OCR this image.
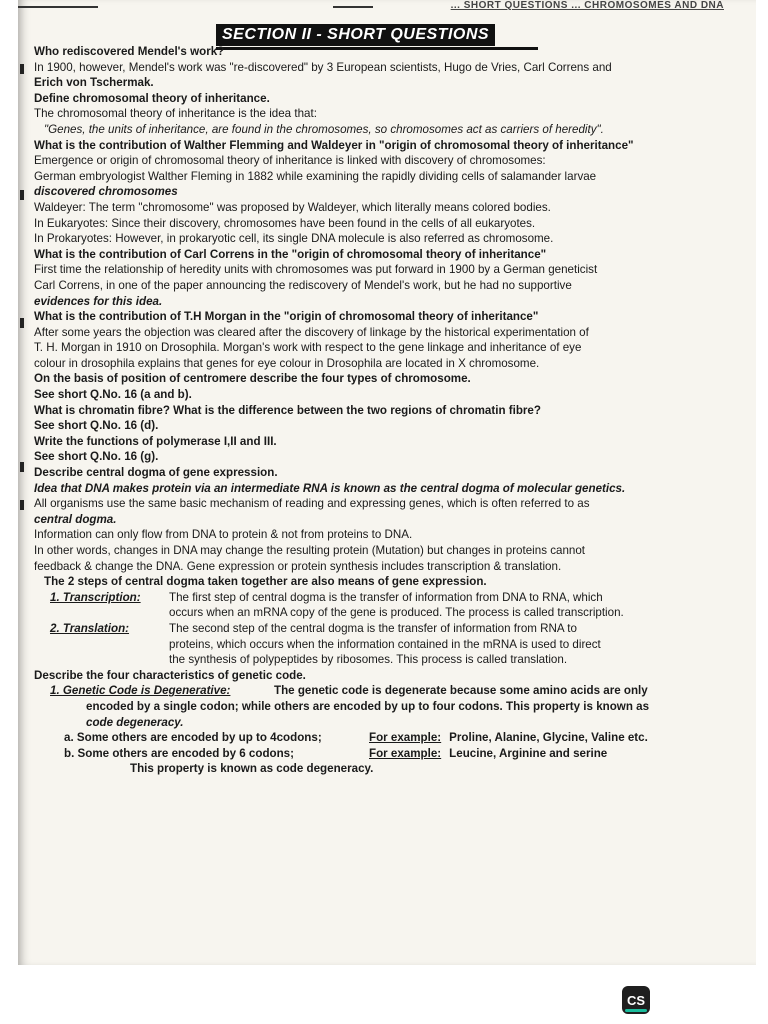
... SHORT QUESTIONS ... CHROMOSOMES AND DNA
SECTION II - SHORT QUESTIONS

Who rediscovered Mendel's work?

In 1900, however, Mendel's work was "re-discovered" by 3 European scientists, Hugo de Vries, Carl Correns and

Erich von Tschermak.

Define chromosomal theory of inheritance.

The chromosomal theory of inheritance is the idea that:

"Genes, the units of inheritance, are found in the chromosomes, so chromosomes act as carriers of heredity".

What is the contribution of Walther Flemming and Waldeyer in "origin of chromosomal theory of inheritance"

Emergence or origin of chromosomal theory of inheritance is linked with discovery of chromosomes:

German embryologist Walther Fleming in 1882 while examining the rapidly dividing cells of salamander larvae

discovered chromosomes

Waldeyer: The term "chromosome" was proposed by Waldeyer, which literally means colored bodies.

In Eukaryotes: Since their discovery, chromosomes have been found in the cells of all eukaryotes.

In Prokaryotes: However, in prokaryotic cell, its single DNA molecule is also referred as chromosome.

What is the contribution of Carl Correns in the "origin of chromosomal theory of inheritance"

First time the relationship of heredity units with chromosomes was put forward in 1900 by a German geneticist

Carl Correns, in one of the paper announcing the rediscovery of Mendel's work, but he had no supportive

evidences for this idea.

What is the contribution of T.H Morgan in the "origin of chromosomal theory of inheritance"

After some years the objection was cleared after the discovery of linkage by the historical experimentation of

T. H. Morgan in 1910 on Drosophila. Morgan's work with respect to the gene linkage and inheritance of eye

colour in drosophila explains that genes for eye colour in Drosophila are located in X chromosome.

On the basis of position of centromere describe the four types of chromosome.

See short Q.No. 16 (a and b).

What is chromatin fibre? What is the difference between the two regions of chromatin fibre?

See short Q.No. 16 (d).

Write the functions of polymerase I,II and III.

See short Q.No. 16 (g).

Describe central dogma of gene expression.

Idea that DNA makes protein via an intermediate RNA is known as the central dogma of molecular genetics.

All organisms use the same basic mechanism of reading and expressing genes, which is often referred to as

central dogma.

Information can only flow from DNA to protein & not from proteins to DNA.

In other words, changes in DNA may change the resulting protein (Mutation) but changes in proteins cannot

feedback & change the DNA. Gene expression or protein synthesis includes transcription & translation.

The 2 steps of central dogma taken together are also means of gene expression.

1. Transcription:	The first step of central dogma is the transfer of information from DNA to RNA, which
occurs when an mRNA copy of the gene is produced. The process is called transcription.
2. Translation:	The second step of the central dogma is the transfer of information from RNA to
proteins, which occurs when the information contained in the mRNA is used to direct
the synthesis of polypeptides by ribosomes. This process is called translation.

Describe the four characteristics of genetic code.

1. Genetic Code is Degenerative:	The genetic code is degenerate because some amino acids are only

encoded by a single codon; while others are encoded by up to four codons. This property is known as

code degeneracy.

a. Some others are encoded by up to 4codons;	For example: Proline, Alanine, Glycine, Valine etc.
b. Some others are encoded by 6 codons;	For example: Leucine, Arginine and serine

This property is known as code degeneracy.

CS
